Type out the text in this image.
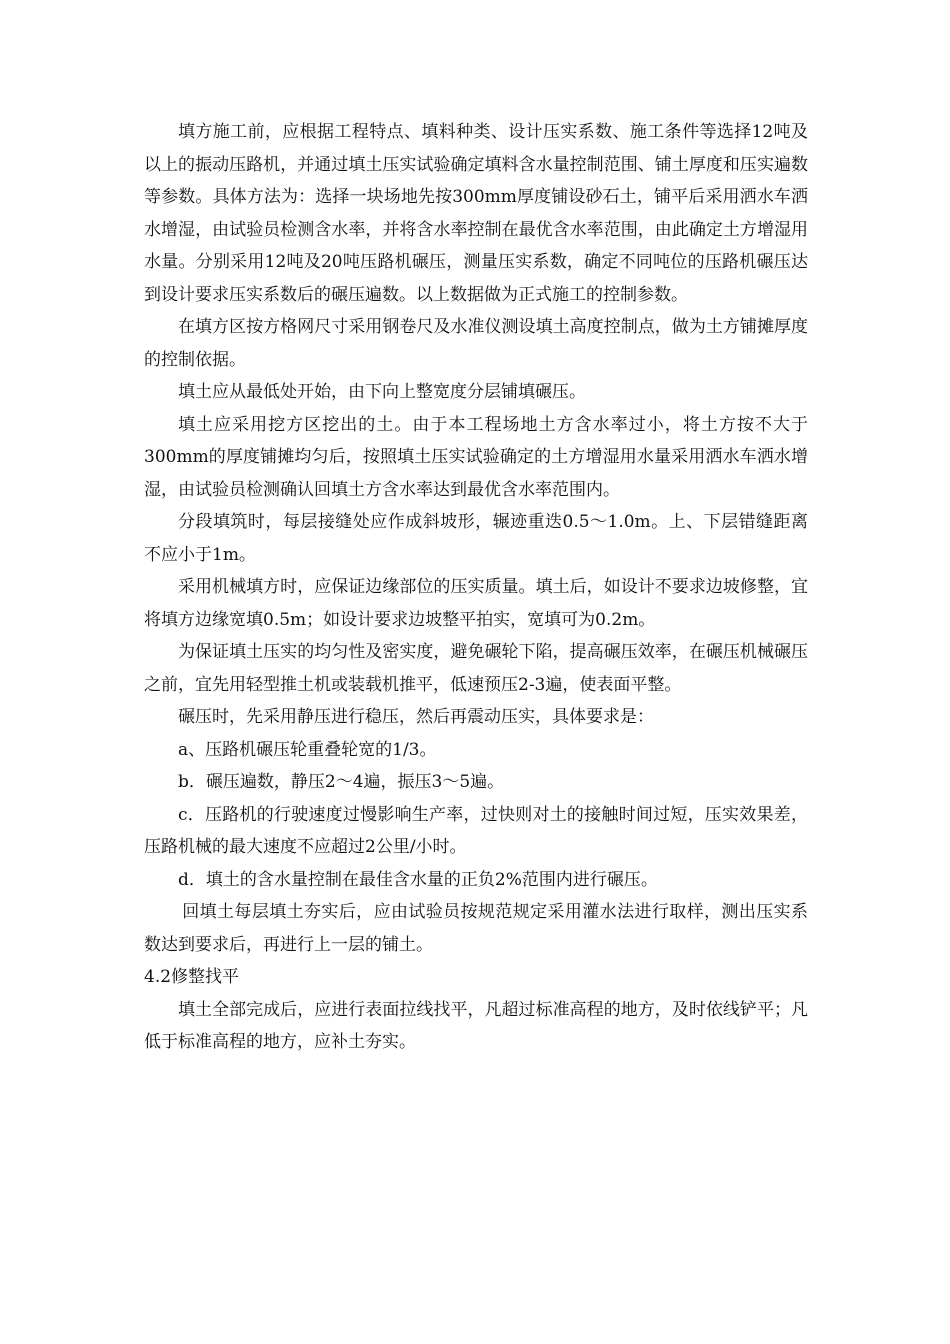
填方施工前，应根据工程特点、填料种类、设计压实系数、施工条件等选择12吨及以上的振动压路机，并通过填土压实试验确定填料含水量控制范围、铺土厚度和压实遍数等参数。具体方法为：选择一块场地先按300mm厚度铺设砂石土，铺平后采用洒水车洒水增湿，由试验员检测含水率，并将含水率控制在最优含水率范围，由此确定土方增湿用水量。分别采用12吨及20吨压路机碾压，测量压实系数，确定不同吨位的压路机碾压达到设计要求压实系数后的碾压遍数。以上数据做为正式施工的控制参数。

在填方区按方格网尺寸采用钢卷尺及水准仪测设填土高度控制点，做为土方铺摊厚度的控制依据。

填土应从最低处开始，由下向上整宽度分层铺填碾压。

填土应采用挖方区挖出的土。由于本工程场地土方含水率过小，将土方按不大于300mm的厚度铺摊均匀后，按照填土压实试验确定的土方增湿用水量采用洒水车洒水增湿，由试验员检测确认回填土方含水率达到最优含水率范围内。

分段填筑时，每层接缝处应作成斜坡形，辗迹重迭0.5～1.0m。上、下层错缝距离不应小于1m。

采用机械填方时，应保证边缘部位的压实质量。填土后，如设计不要求边坡修整，宜将填方边缘宽填0.5m；如设计要求边坡整平拍实，宽填可为0.2m。

为保证填土压实的均匀性及密实度，避免碾轮下陷，提高碾压效率，在碾压机械碾压之前，宜先用轻型推土机或装载机推平，低速预压2-3遍，使表面平整。

碾压时，先采用静压进行稳压，然后再震动压实，具体要求是：

a、压路机碾压轮重叠轮宽的1/3。

b．碾压遍数，静压2～4遍，振压3～5遍。

c．压路机的行驶速度过慢影响生产率，过快则对土的接触时间过短，压实效果差，压路机械的最大速度不应超过2公里/小时。

d．填土的含水量控制在最佳含水量的正负2%范围内进行碾压。

回填土每层填土夯实后，应由试验员按规范规定采用灌水法进行取样，测出压实系数达到要求后，再进行上一层的铺土。

4.2修整找平

填土全部完成后，应进行表面拉线找平，凡超过标准高程的地方，及时依线铲平；凡低于标准高程的地方，应补土夯实。
